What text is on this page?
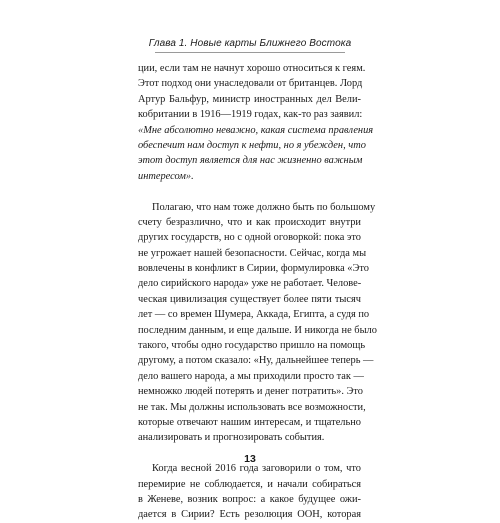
Глава 1. Новые карты Ближнего Востока
ции, если там не начнут хорошо относиться к геям.
Этот подход они унаследовали от британцев. Лорд
Артур Бальфур, министр иностранных дел Вели-
кобритании в 1916—1919 годах, как-то раз заявил:
«Мне абсолютно неважно, какая система правления
обеспечит нам доступ к нефти, но я убежден, что
этот доступ является для нас жизненно важным
интересом».
Полагаю, что нам тоже должно быть по большому
счету безразлично, что и как происходит внутри
других государств, но с одной оговоркой: пока это
не угрожает нашей безопасности. Сейчас, когда мы
вовлечены в конфликт в Сирии, формулировка «Это
дело сирийского народа» уже не работает. Челове-
ческая цивилизация существует более пяти тысяч
лет — со времен Шумера, Аккада, Египта, а судя по
последним данным, и еще дальше. И никогда не было
такого, чтобы одно государство пришло на помощь
другому, а потом сказало: «Ну, дальнейшее теперь —
дело вашего народа, а мы приходили просто так —
немножко людей потерять и денег потратить». Это
не так. Мы должны использовать все возможности,
которые отвечают нашим интересам, и тщательно
анализировать и прогнозировать события.
Когда весной 2016 года заговорили о том, что
перемирие не соблюдается, и начали собираться
в Женеве, возник вопрос: а какое будущее ожи-
дается в Сирии? Есть резолюция ООН, которая
13
